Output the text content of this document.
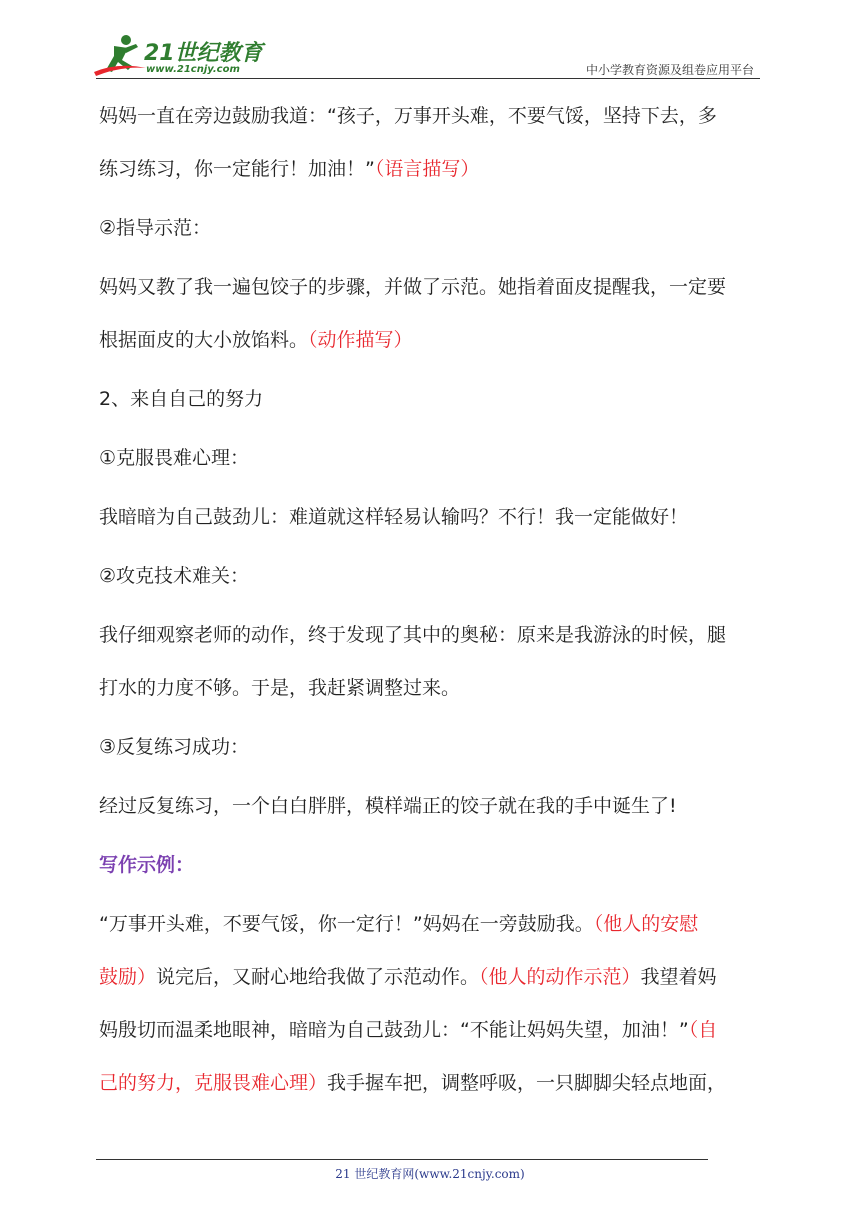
21世纪教育
www.21cnjy.com	中小学教育资源及组卷应用平台
妈妈一直在旁边鼓励我道：“孩子，万事开头难，不要气馁，坚持下去，多
练习练习，你一定能行！加油！”（语言描写）
②指导示范：
妈妈又教了我一遍包饺子的步骤，并做了示范。她指着面皮提醒我，一定要
根据面皮的大小放馅料。（动作描写）
2、来自自己的努力
①克服畏难心理：
我暗暗为自己鼓劲儿：难道就这样轻易认输吗？不行！我一定能做好！
②攻克技术难关：
我仔细观察老师的动作，终于发现了其中的奥秘：原来是我游泳的时候，腿
打水的力度不够。于是，我赶紧调整过来。
③反复练习成功：
经过反复练习，一个白白胖胖，模样端正的饺子就在我的手中诞生了!
写作示例：
“万事开头难，不要气馁，你一定行！”妈妈在一旁鼓励我。（他人的安慰
鼓励）说完后，又耐心地给我做了示范动作。（他人的动作示范）我望着妈
妈殷切而温柔地眼神，暗暗为自己鼓劲儿：“不能让妈妈失望，加油！”（自
己的努力，克服畏难心理）我手握车把，调整呼吸，一只脚脚尖轻点地面，
21 世纪教育网(www.21cnjy.com)
